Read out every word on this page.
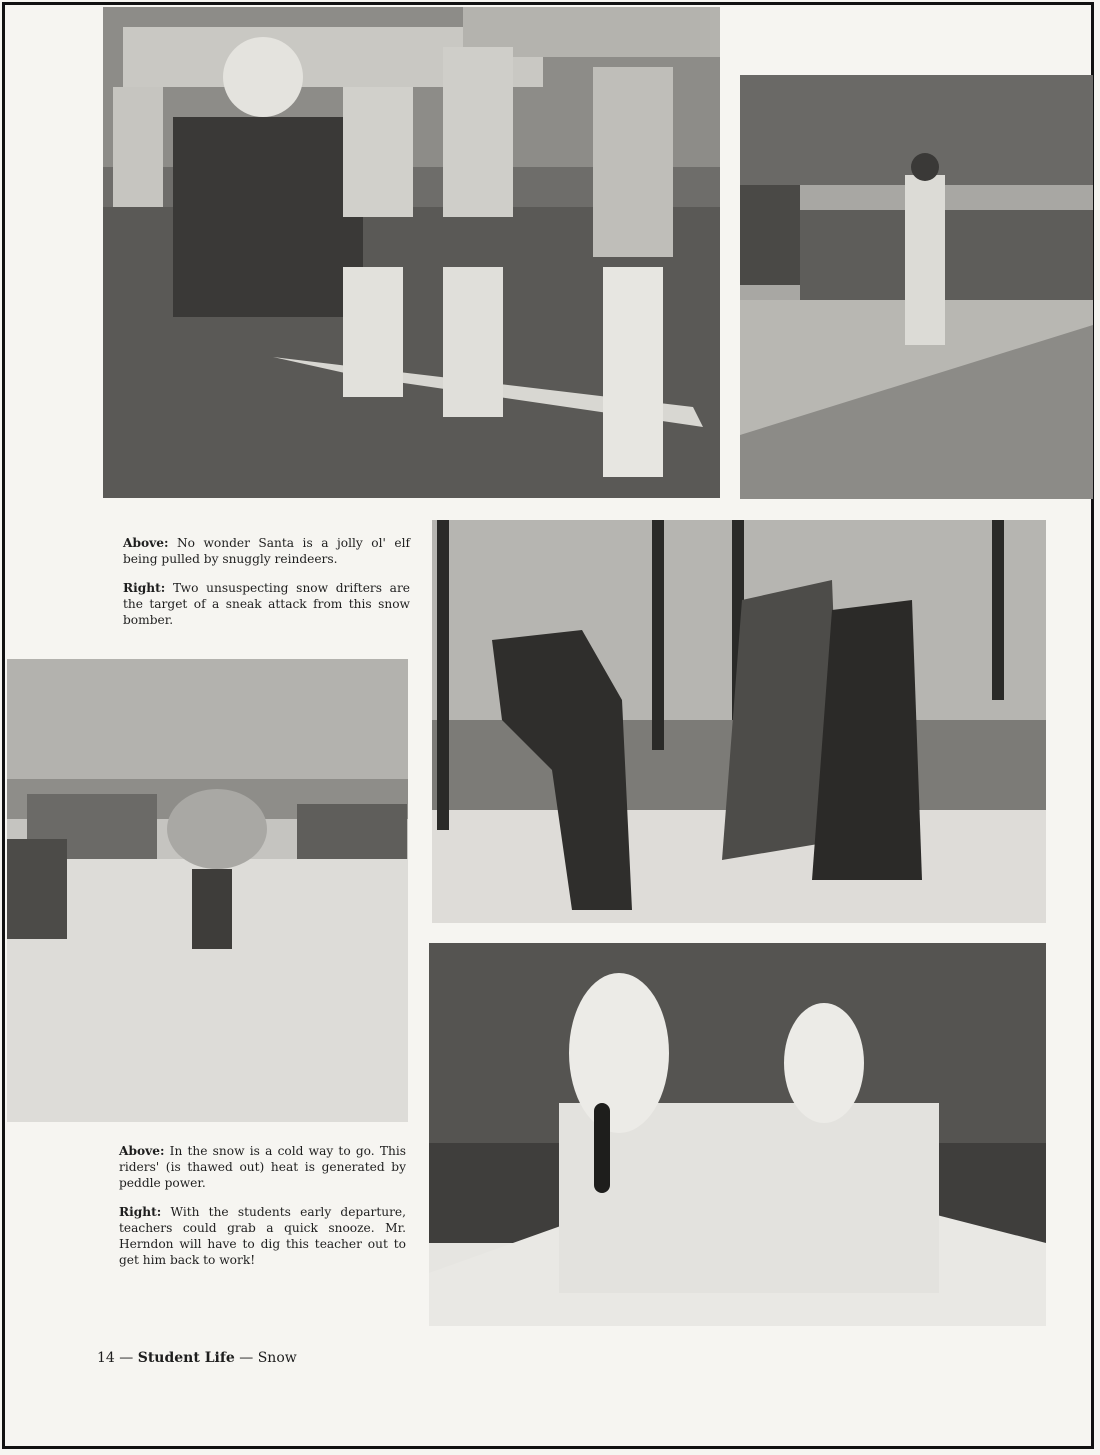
Above: No wonder Santa is a jolly ol' elf being pulled by snuggly reindeers.

Right: Two unsuspecting snow drifters are the target of a sneak attack from this snow bomber.

Above: In the snow is a cold way to go. This riders' (is thawed out) heat is generated by peddle power.

Right: With the students early departure, teachers could grab a quick snooze. Mr. Herndon will have to dig this teacher out to get him back to work!

14 — Student Life — Snow
